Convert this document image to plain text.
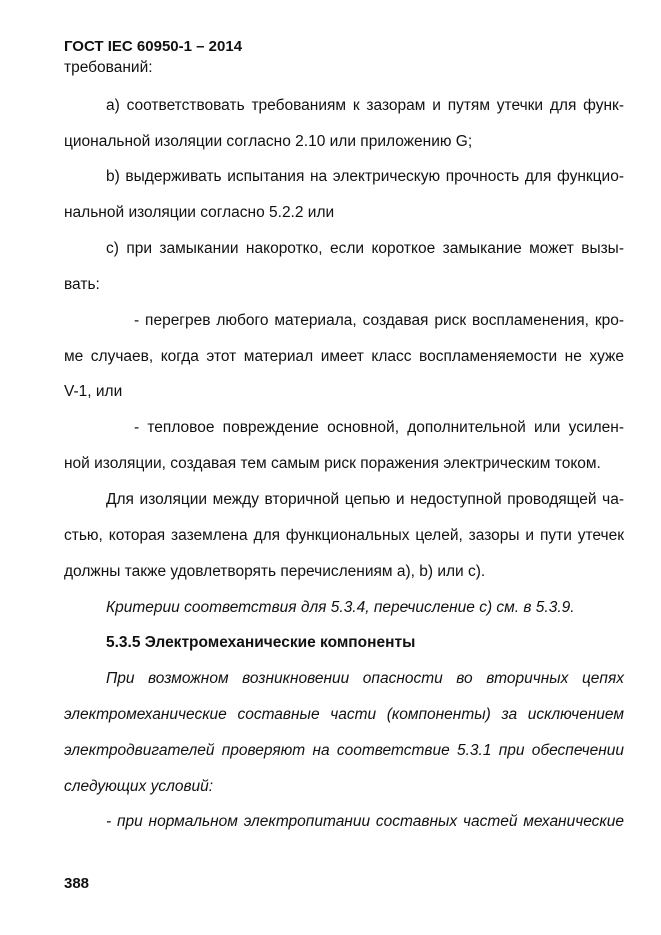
ГОСТ IEC 60950-1 – 2014
требований:
а) соответствовать требованиям к зазорам и путям утечки для функ-
циональной изоляции согласно 2.10 или приложению G;
b) выдерживать испытания на электрическую прочность для функцио-
нальной изоляции согласно 5.2.2 или
с) при замыкании накоротко, если короткое замыкание может вызы-
вать:
- перегрев любого материала, создавая риск воспламенения, кро-
ме случаев, когда этот материал имеет класс воспламеняемости не хуже
V-1, или
- тепловое повреждение основной, дополнительной или усилен-
ной изоляции, создавая тем самым риск поражения электрическим током.
Для изоляции между вторичной цепью и недоступной проводящей ча-
стью, которая заземлена для функциональных целей, зазоры и пути утечек
должны также удовлетворять перечислениям а), b) или с).
Критерии соответствия для 5.3.4, перечисление с) см. в 5.3.9.
5.3.5 Электромеханические компоненты
При возможном возникновении опасности во вторичных цепях
электромеханические составные части (компоненты) за исключением
электродвигателей проверяют на соответствие 5.3.1 при обеспечении
следующих условий:
- при нормальном электропитании составных частей механические
388
